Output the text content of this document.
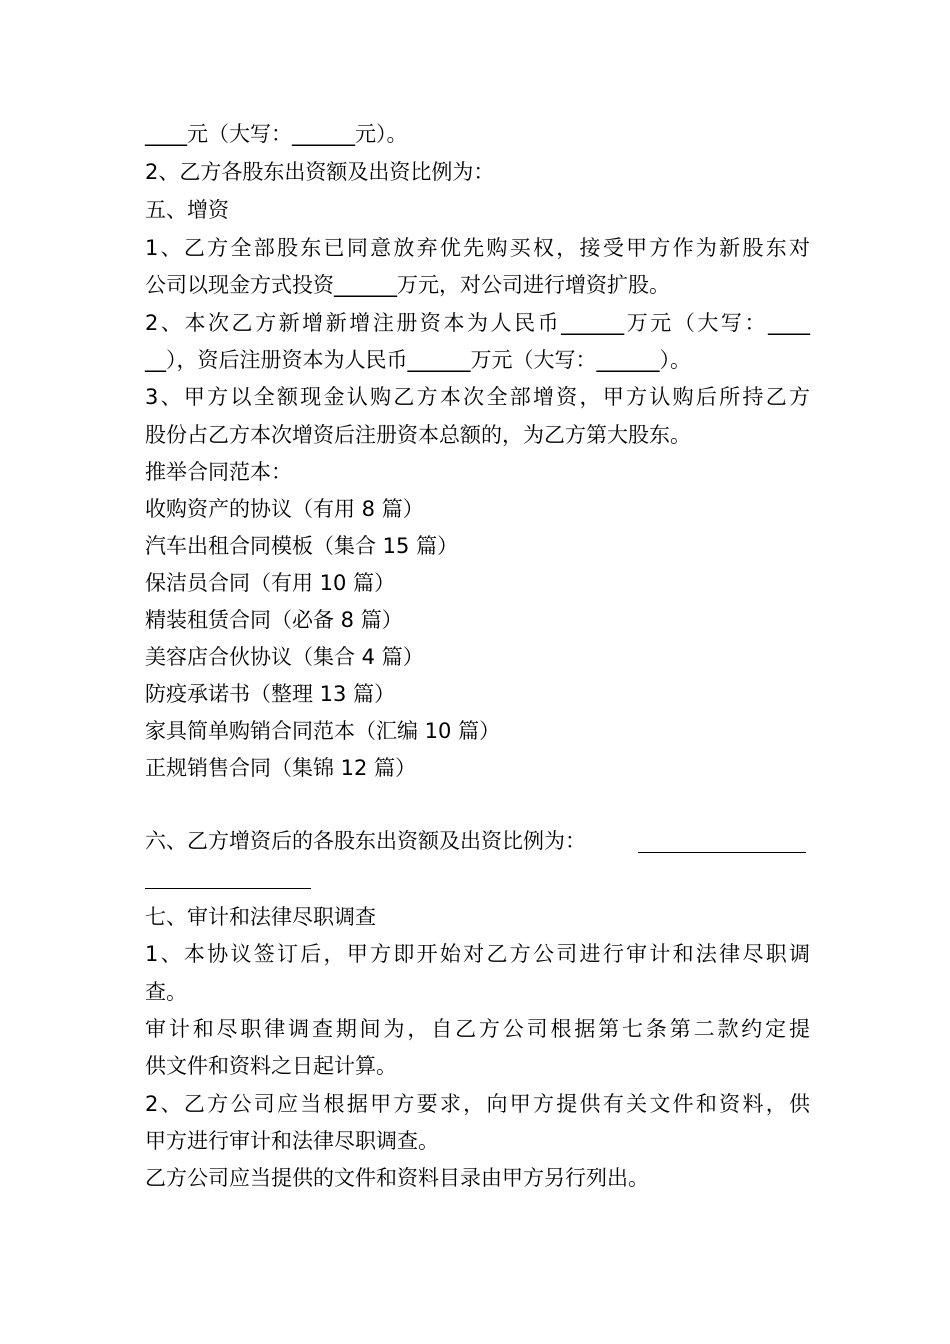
____元（大写：______元）。
2、乙方各股东出资额及出资比例为：
五、增资
1、乙方全部股东已同意放弃优先购买权，接受甲方作为新股东对
公司以现金方式投资______万元，对公司进行增资扩股。
2、本次乙方新增新增注册资本为人民币______万元（大写：____
__），资后注册资本为人民币______万元（大写：______）。
3、甲方以全额现金认购乙方本次全部增资，甲方认购后所持乙方
股份占乙方本次增资后注册资本总额的，为乙方第大股东。
推举合同范本：
收购资产的协议（有用 8 篇）
汽车出租合同模板（集合 15 篇）
保洁员合同（有用 10 篇）
精装租赁合同（必备 8 篇）
美容店合伙协议（集合 4 篇）
防疫承诺书（整理 13 篇）
家具简单购销合同范本（汇编 10 篇）
正规销售合同（集锦 12 篇）
六、乙方增资后的各股东出资额及出资比例为：
七、审计和法律尽职调查
1、本协议签订后，甲方即开始对乙方公司进行审计和法律尽职调
查。
审计和尽职律调查期间为，自乙方公司根据第七条第二款约定提
供文件和资料之日起计算。
2、乙方公司应当根据甲方要求，向甲方提供有关文件和资料，供
甲方进行审计和法律尽职调查。
乙方公司应当提供的文件和资料目录由甲方另行列出。
